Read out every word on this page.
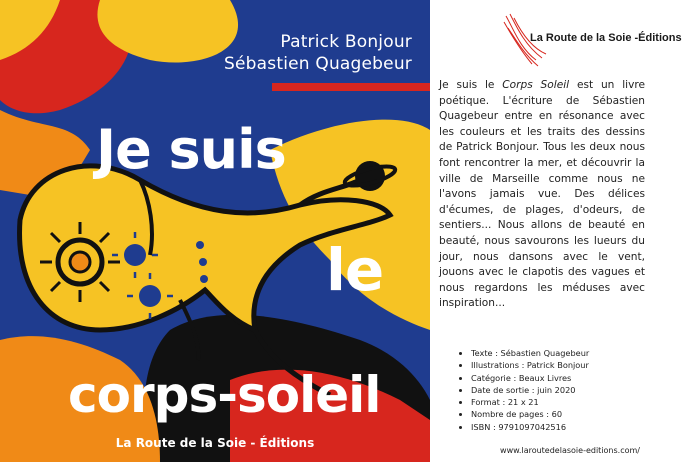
Patrick Bonjour
Sébastien Quagebeur
Je suis
le
corps-soleil
La Route de la Soie - Éditions
La Route de la Soie -Éditions
Je suis le Corps Soleil est un livre poétique. L'écriture de Sébastien Quagebeur entre en résonance avec les couleurs et les traits des dessins de Patrick Bonjour. Tous les deux nous font rencontrer la mer, et découvrir la ville de Marseille comme nous ne l'avons jamais vue. Des délices d'écumes, de plages, d'odeurs, de sentiers... Nous allons de beauté en beauté, nous savourons les lueurs du jour, nous dansons avec le vent, jouons avec le clapotis des vagues et nous regardons les méduses avec inspiration...
• Texte : Sébastien Quagebeur
• Illustrations : Patrick Bonjour
• Catégorie : Beaux Livres
• Date de sortie : juin 2020
• Format : 21 x 21
• Nombre de pages : 60
• ISBN : 9791097042516
www.laroutedelasoie-editions.com/
